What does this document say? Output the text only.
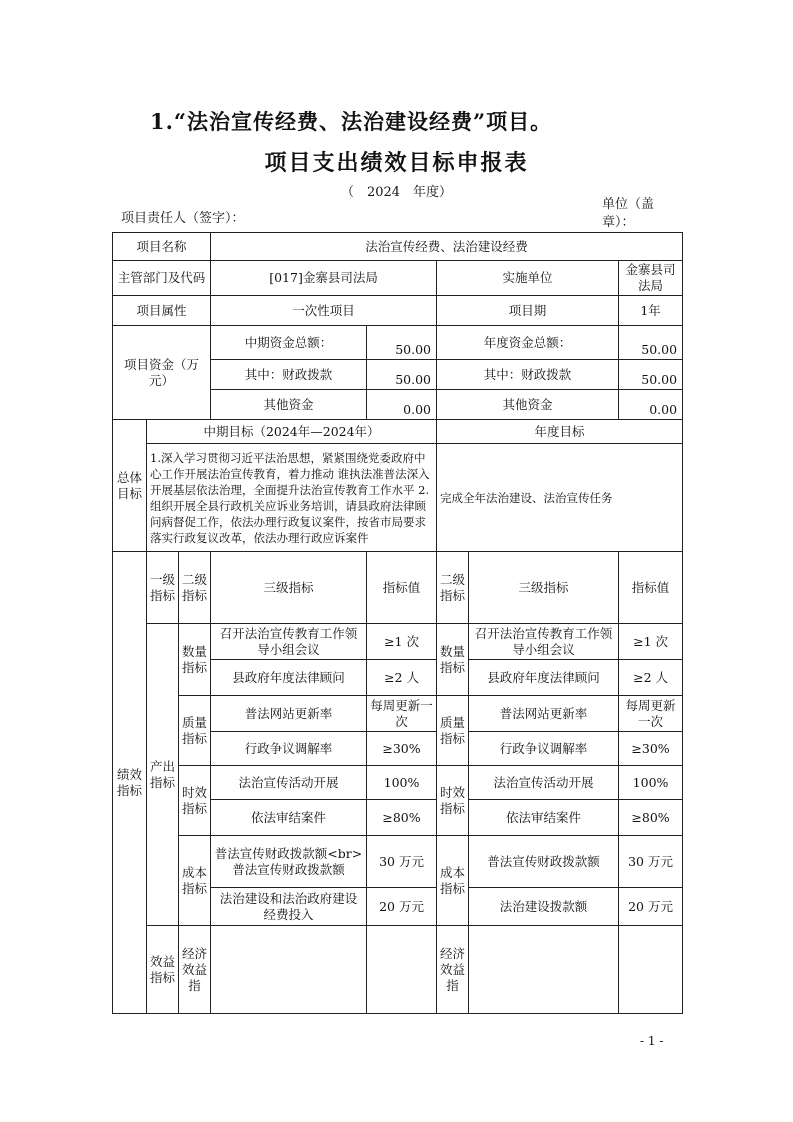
1.“法治宣传经费、法治建设经费”项目。
项目支出绩效目标申报表
（　2024　年度）
项目责任人（签字）：
单位（盖章）：
项目名称			法治宣传经费、法治建设经费				
主管部门及代码			[017]金寨县司法局		实施单位		金寨县司法局
项目属性			一次性项目		项目期		1年
项目资金（万元）			中期资金总额：	50.00	年度资金总额：		50.00
			其中：财政拨款	50.00	其中：财政拨款		50.00
			其他资金	0.00	其他资金		0.00
总体目标	中期目标（2024年—2024年）				年度目标		
	1.深入学习贯彻习近平法治思想，紧紧围绕党委政府中心工作开展法治宣传教育，着力推动 谁执法准普法深入开展基层依法治理，全面提升法治宣传教育工作水平 2.组织开展全县行政机关应诉业务培训，请县政府法律顾问病督促工作，依法办理行政复议案件，按省市局要求落实行政复议改革，依法办理行政应诉案件				完成全年法治建设、法治宣传任务		
绩效指标	一级指标	二级指标	三级指标	指标值	二级指标	三级指标	指标值
	产出指标	数量指标	召开法治宣传教育工作领导小组会议	≥1 次	数量指标	召开法治宣传教育工作领导小组会议	≥1 次
			县政府年度法律顾问	≥2 人		县政府年度法律顾问	≥2 人
		质量指标	普法网站更新率	每周更新一次	质量指标	普法网站更新率	每周更新一次
			行政争议调解率	≥30%		行政争议调解率	≥30%
		时效指标	法治宣传活动开展	100%	时效指标	法治宣传活动开展	100%
			依法审结案件	≥80%		依法审结案件	≥80%
		成本指标	普法宣传财政拨款额<br>普法宣传财政拨款额	30 万元	成本指标	普法宣传财政拨款额	30 万元
			法治建设和法治政府建设经费投入	20 万元		法治建设拨款额	20 万元
	效益指标	经济效益指			经济效益指		
- 1 -
